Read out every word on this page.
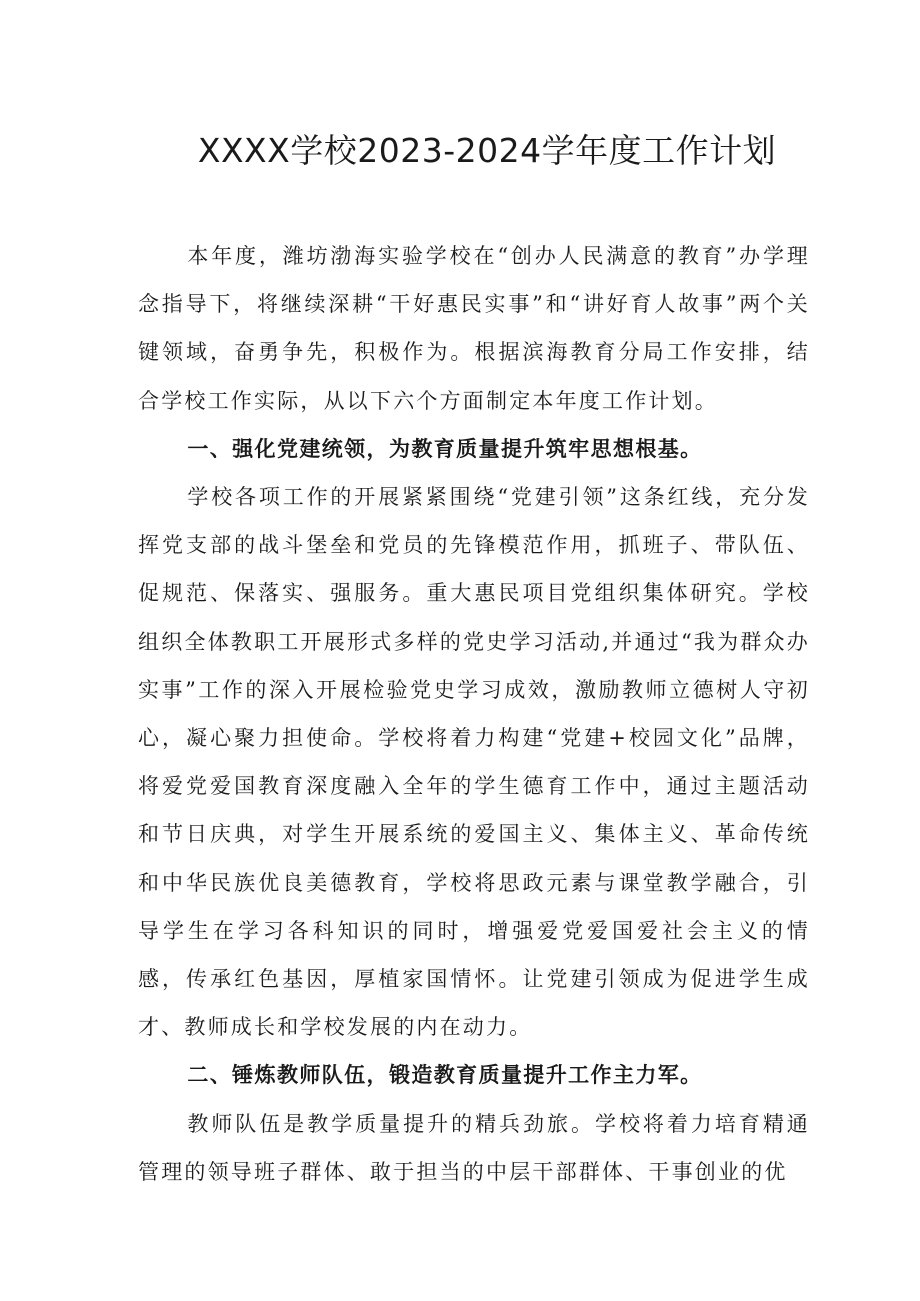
XXXX学校2023-2024学年度工作计划

本年度，潍坊渤海实验学校在“创办人民满意的教育”办学理念指导下，将继续深耕“干好惠民实事”和“讲好育人故事”两个关键领域，奋勇争先，积极作为。根据滨海教育分局工作安排，结合学校工作实际，从以下六个方面制定本年度工作计划。

一、强化党建统领，为教育质量提升筑牢思想根基。

学校各项工作的开展紧紧围绕“党建引领”这条红线，充分发挥党支部的战斗堡垒和党员的先锋模范作用，抓班子、带队伍、促规范、保落实、强服务。重大惠民项目党组织集体研究。学校组织全体教职工开展形式多样的党史学习活动,并通过“我为群众办实事”工作的深入开展检验党史学习成效，激励教师立德树人守初心，凝心聚力担使命。学校将着力构建“党建+校园文化”品牌，将爱党爱国教育深度融入全年的学生德育工作中，通过主题活动和节日庆典，对学生开展系统的爱国主义、集体主义、革命传统和中华民族优良美德教育，学校将思政元素与课堂教学融合，引导学生在学习各科知识的同时，增强爱党爱国爱社会主义的情感，传承红色基因，厚植家国情怀。让党建引领成为促进学生成才、教师成长和学校发展的内在动力。

二、锤炼教师队伍，锻造教育质量提升工作主力军。

教师队伍是教学质量提升的精兵劲旅。学校将着力培育精通管理的领导班子群体、敢于担当的中层干部群体、干事创业的优
